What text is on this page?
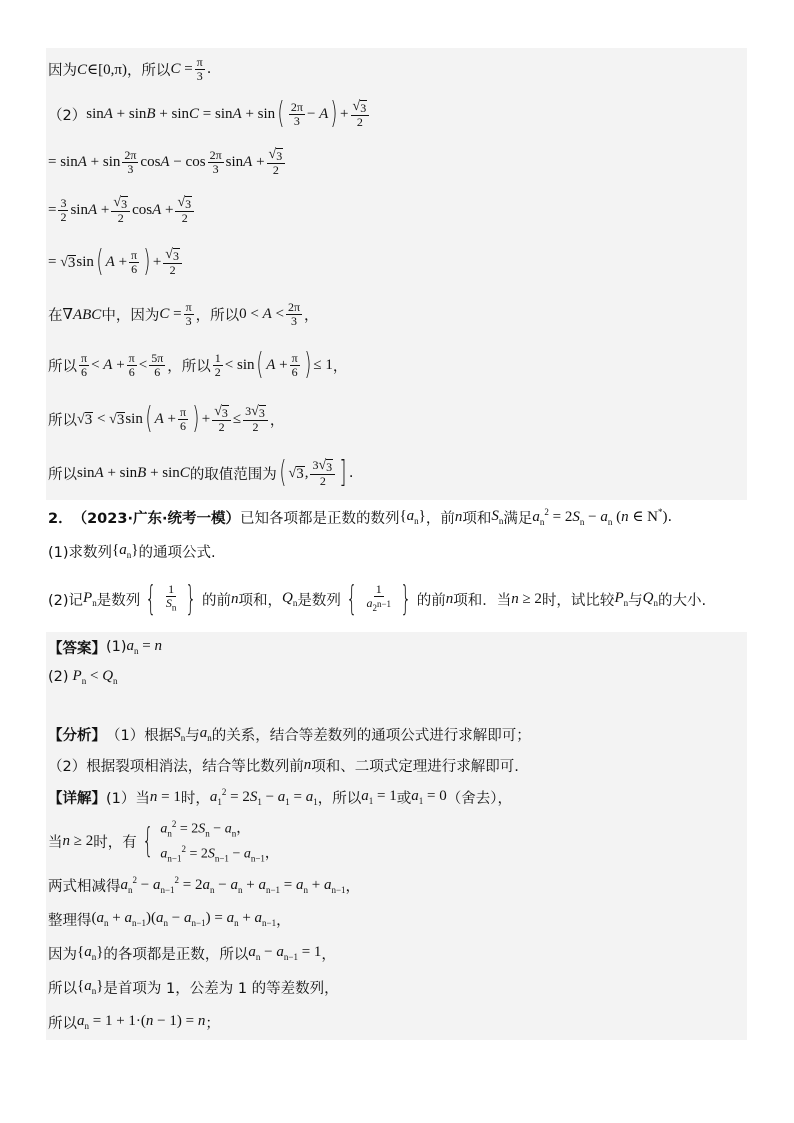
因为 C∈[0,π) ，所以 $C = \frac{\pi}{3}$ .
（2） sinA + sinB + sinC = sinA + sin ( $\frac{2\pi}{3} - A$ ) + $\frac{√ 3}{2}$
= $\sin A + \sin \frac{2\pi}{3}$ $\cos A - \cos \frac{2\pi}{3}$ $\sin A + \frac{√ 3}{2}$
= $\frac{3}{2}$ $\sin A + \frac{√ 3}{2}$ $\cos A + \frac{√ 3}{2}$
= √ 3 sin ( $A + \frac{\pi}{6}$ ) + $\frac{√ 3}{2}$
在 ∇ABC 中，因为 $C = \frac{\pi}{3}$ ，所以 $0 < A < \frac{2\pi}{3}$ ，
所以 $\frac{\pi}{6} < A + \frac{\pi}{6} < \frac{5\pi}{6}$ ，所以 $\frac{1}{2} < \sin$ ( $A + \frac{\pi}{6}$ ) ≤ 1 ，
所以 √ 3 < √ 3 sin ( $A + \frac{\pi}{6}$ ) + $\frac{√ 3}{2} \le \frac{3 √ 3}{2}$ ，
所以 sinA + sinB + sinC 的取值范围为 ( √ 3 , $\frac{3 √ 3}{2}$ ] .
2． （2023·广东·统考一模） 已知各项都是正数的数列 $\{a_n\}$ ，前 n 项和 $S_n$ 满足 $a_n^2 = 2S_n - a_n$ (n ∈ N*) .
(1)求数列 $\{a_n\}$ 的通项公式.
(2)记 $P_n$ 是数列 { $\frac{1}{S_n}$ } 的前 n 项和， $Q_n$ 是数列 { $\frac{1}{a_{2^{n-1}}}$ } 的前 n 项和．当 n ≥ 2 时，试比较 $P_n$ 与 $Q_n$ 的大小.
【答案】 (1) $a_n = n$
(2) $P_n < Q_n$
【分析】 （1）根据 $S_n$ 与 $a_n$ 的关系，结合等差数列的通项公式进行求解即可；
（2）根据裂项相消法，结合等比数列前 n 项和、二项式定理进行求解即可.
【详解】 (1）当 n = 1 时， $a_1^2 = 2S_1 - a_1 = a_1$ ，所以 $a_1 = 1$ 或 $a_1 = 0$ （舍去），
当 n ≥ 2 时，有 { $a_n^2 = 2S_n - a_n$，
$a_{n-1}^2 = 2S_{n-1} - a_{n-1}$，
两式相减得 $a_n^2 - a_{n-1}^2 = 2a_n - a_n + a_{n-1} = a_n + a_{n-1}$ ，
整理得 $(a_n + a_{n-1})(a_n - a_{n-1}) = a_n + a_{n-1}$ ，
因为 $\{a_n\}$ 的各项都是正数，所以 $a_n - a_{n-1} = 1$ ，
所以 $\{a_n\}$ 是首项为 1，公差为 1 的等差数列，
所以 $a_n = 1 + 1\cdot(n - 1) = n$ ；
